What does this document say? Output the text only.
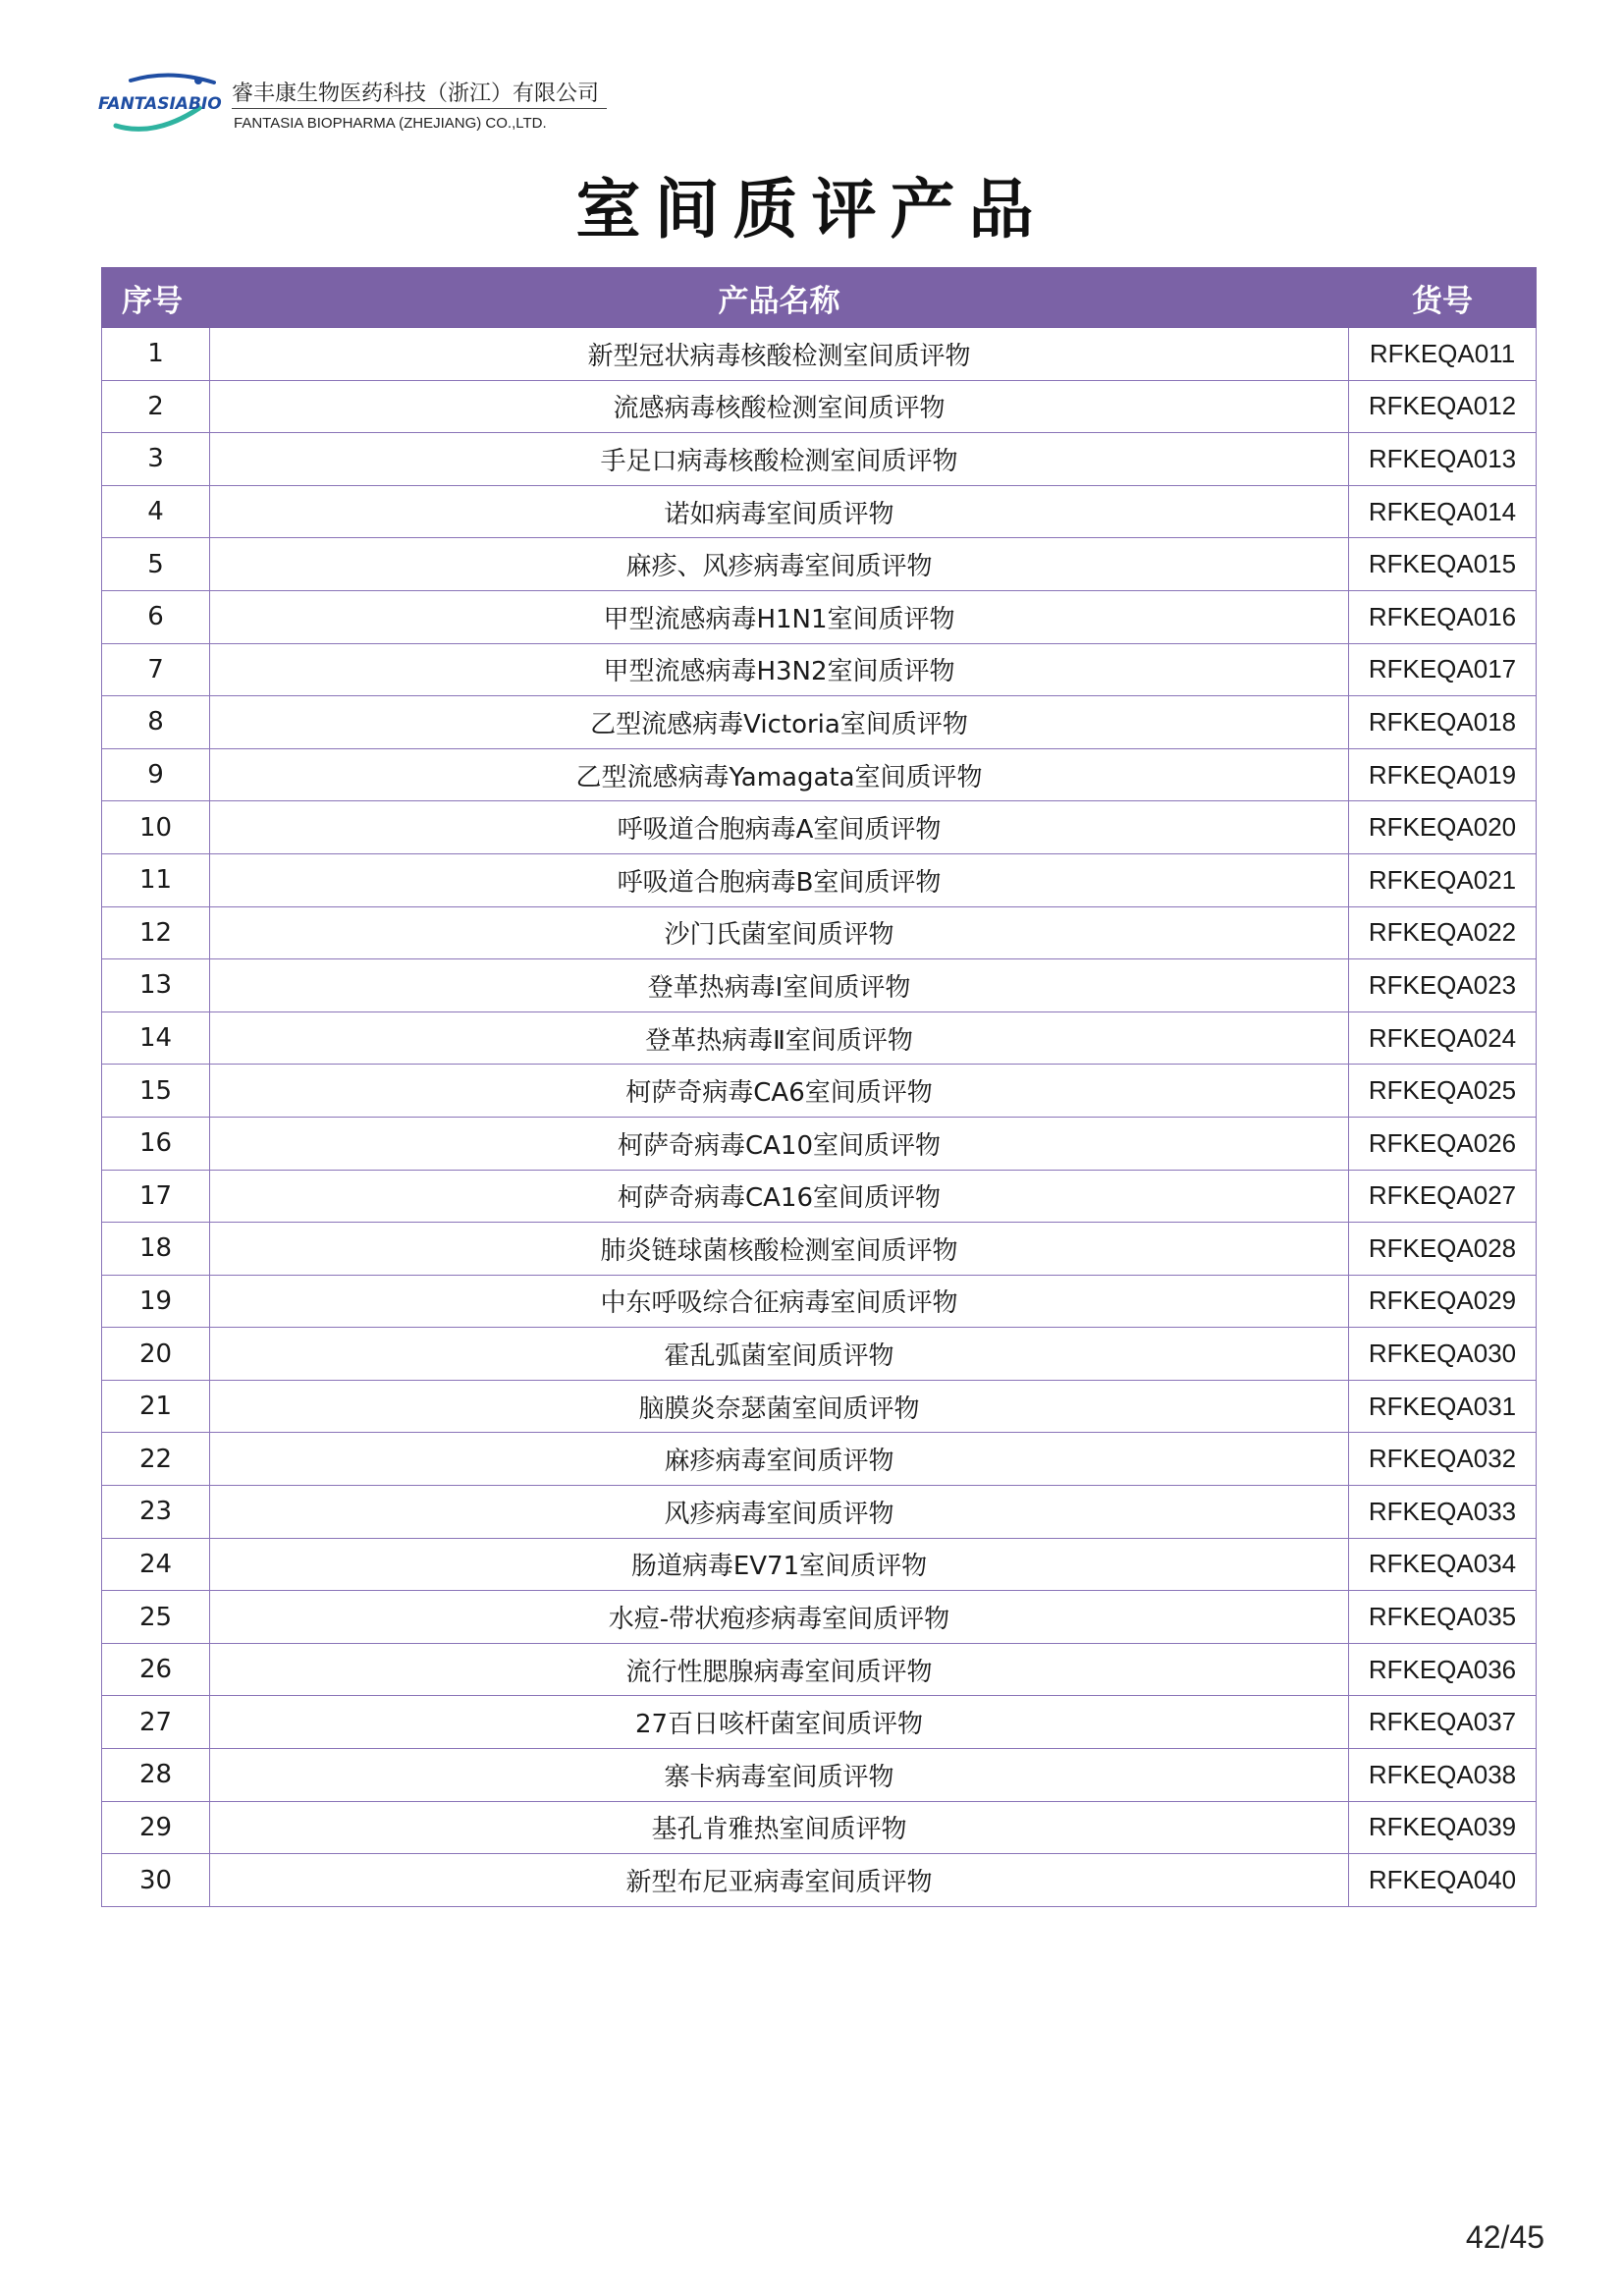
FANTASIABIO 睿丰康生物医药科技（浙江）有限公司
FANTASIA BIOPHARMA (ZHEJIANG) CO.,LTD.
室间质评产品
序号	产品名称	货号
1	新型冠状病毒核酸检测室间质评物	RFKEQA011
2	流感病毒核酸检测室间质评物	RFKEQA012
3	手足口病毒核酸检测室间质评物	RFKEQA013
4	诺如病毒室间质评物	RFKEQA014
5	麻疹、风疹病毒室间质评物	RFKEQA015
6	甲型流感病毒H1N1室间质评物	RFKEQA016
7	甲型流感病毒H3N2室间质评物	RFKEQA017
8	乙型流感病毒Victoria室间质评物	RFKEQA018
9	乙型流感病毒Yamagata室间质评物	RFKEQA019
10	呼吸道合胞病毒A室间质评物	RFKEQA020
11	呼吸道合胞病毒B室间质评物	RFKEQA021
12	沙门氏菌室间质评物	RFKEQA022
13	登革热病毒Ⅰ室间质评物	RFKEQA023
14	登革热病毒Ⅱ室间质评物	RFKEQA024
15	柯萨奇病毒CA6室间质评物	RFKEQA025
16	柯萨奇病毒CA10室间质评物	RFKEQA026
17	柯萨奇病毒CA16室间质评物	RFKEQA027
18	肺炎链球菌核酸检测室间质评物	RFKEQA028
19	中东呼吸综合征病毒室间质评物	RFKEQA029
20	霍乱弧菌室间质评物	RFKEQA030
21	脑膜炎奈瑟菌室间质评物	RFKEQA031
22	麻疹病毒室间质评物	RFKEQA032
23	风疹病毒室间质评物	RFKEQA033
24	肠道病毒EV71室间质评物	RFKEQA034
25	水痘-带状疱疹病毒室间质评物	RFKEQA035
26	流行性腮腺病毒室间质评物	RFKEQA036
27	27百日咳杆菌室间质评物	RFKEQA037
28	寨卡病毒室间质评物	RFKEQA038
29	基孔肯雅热室间质评物	RFKEQA039
30	新型布尼亚病毒室间质评物	RFKEQA040
42/45
